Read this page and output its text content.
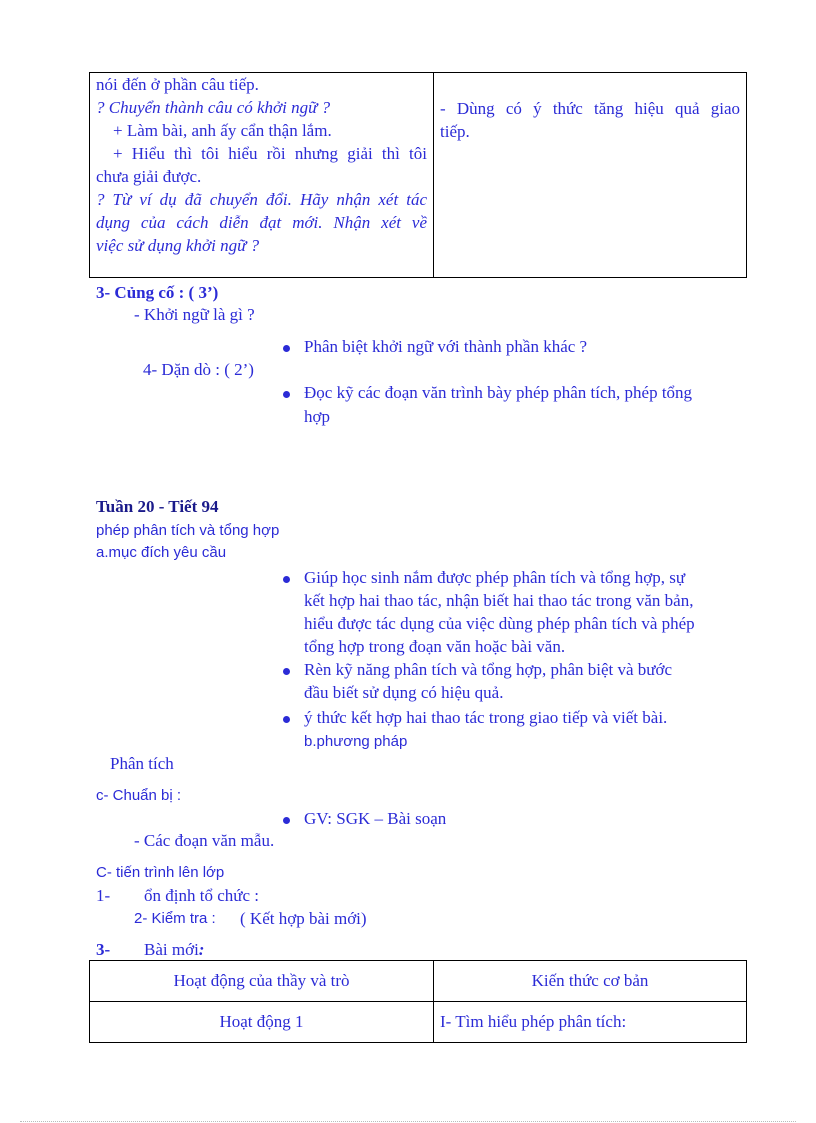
nói đến ở phần câu tiếp.
? Chuyển thành câu có khởi ngữ ?
+ Làm bài, anh ấy cẩn thận lắm.
+ Hiểu thì tôi hiểu rồi nhưng giải thì tôi
chưa giải được.
? Từ ví dụ đã chuyển đổi. Hãy nhận xét tác
dụng của cách diễn đạt mới. Nhận xét về
việc sử dụng khởi ngữ ?

- Dùng có ý thức tăng hiệu quả giao
tiếp.
3- Củng cố : ( 3’)
- Khởi ngữ là gì ?
Phân biệt khởi ngữ với thành phần khác ?
4- Dặn dò : ( 2’)
Đọc kỹ các đoạn văn trình bày phép phân tích, phép tổng
hợp
Tuần 20 - Tiết 94
phép phân tích và tổng hợp
a.mục đích yêu cầu
Giúp học sinh nắm được phép phân tích và tổng hợp, sự
kết hợp hai thao tác, nhận biết hai thao tác trong văn bản,
hiểu được tác dụng của việc dùng phép phân tích và phép
tổng hợp trong đoạn văn hoặc bài văn.
Rèn kỹ năng phân tích và tổng hợp, phân biệt và bước
đầu biết sử dụng có hiệu quả.
ý thức kết hợp hai thao tác trong giao tiếp và viết bài.
b.phương pháp
Phân tích
c- Chuẩn bị :
GV: SGK – Bài soạn
- Các đoạn văn mẫu.
C- tiến trình lên lớp
1- ổn định tổ chức :
2- Kiểm tra : ( Kết hợp bài mới)
3- Bài mới:
Hoạt động của thầy và trò	Kiến thức cơ bản
Hoạt động 1	I- Tìm hiểu phép phân tích:
